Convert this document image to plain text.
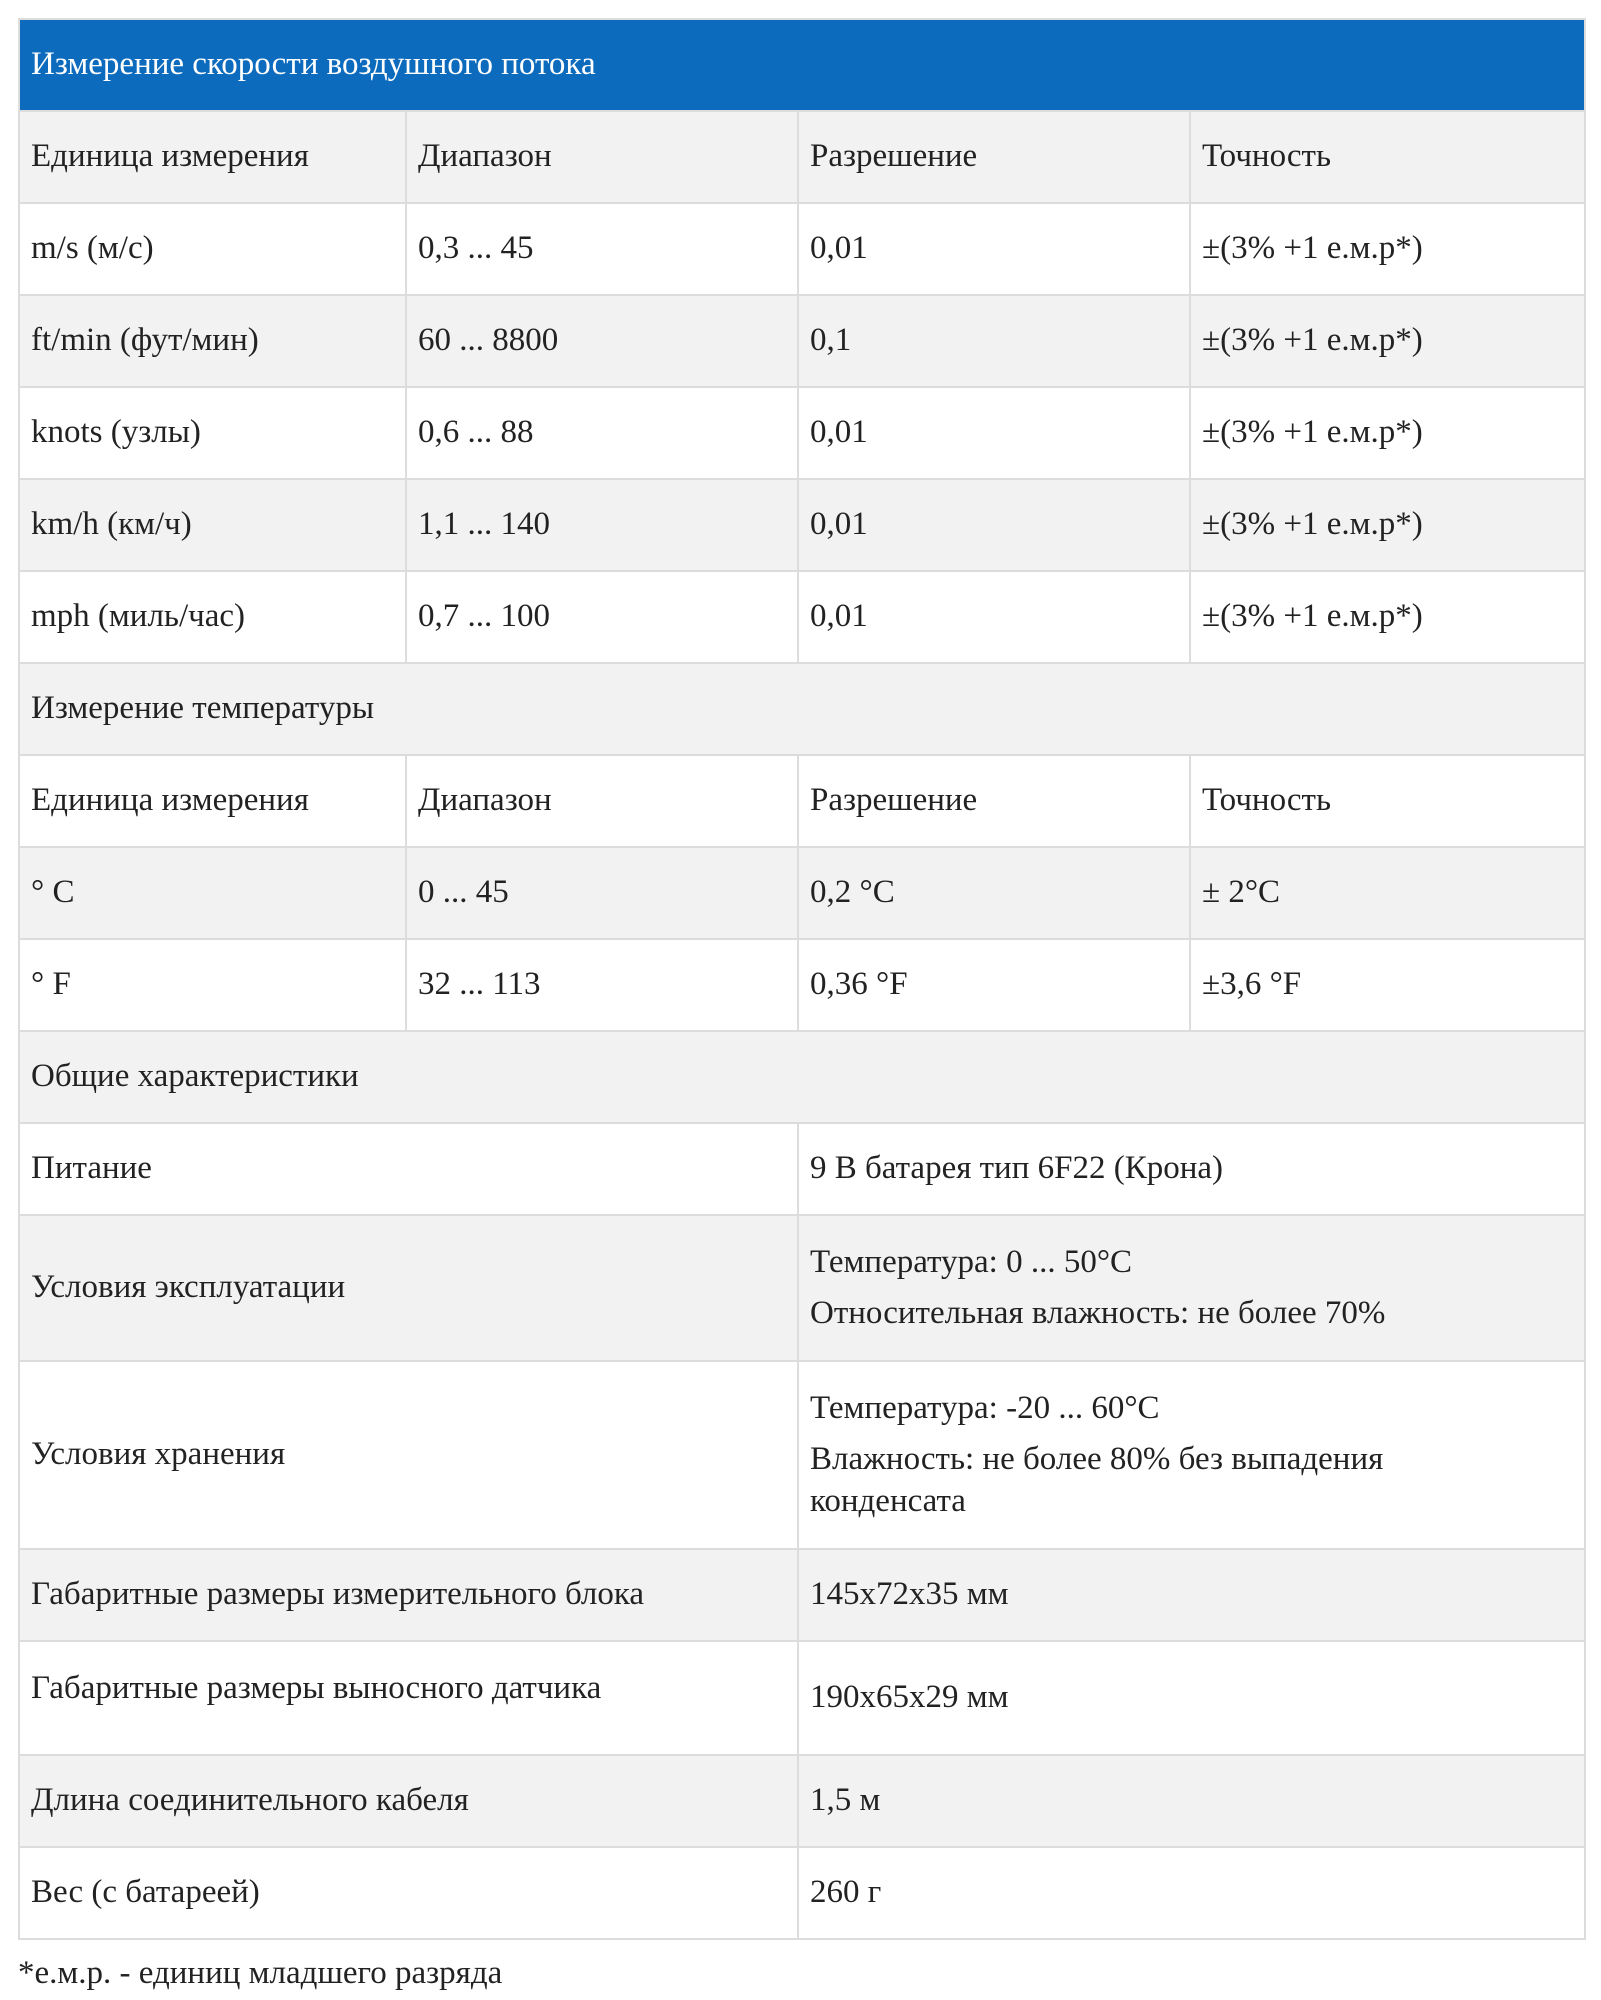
Измерение скорости воздушного потока			
Единица измерения	Диапазон	Разрешение	Точность
m/s (м/с)	0,3 ... 45	0,01	±(3% +1 е.м.р*)
ft/min (фут/мин)	60 ... 8800	0,1	±(3% +1 е.м.р*)
knots (узлы)	0,6 ... 88	0,01	±(3% +1 е.м.р*)
km/h (км/ч)	1,1 ... 140	0,01	±(3% +1 е.м.р*)
mph (миль/час)	0,7 ... 100	0,01	±(3% +1 е.м.р*)
Измерение температуры			
Единица измерения	Диапазон	Разрешение	Точность
° C	0 ... 45	0,2 °C	± 2°C
° F	32 ... 113	0,36 °F	±3,6 °F
Общие характеристики			
Питание		9 В батарея тип 6F22 (Крона)	
Условия эксплуатации		Температура: 0 ... 50°C
Относительная влажность: не более 70%	

Условия хранения		Температура: -20 ... 60°C
Влажность: не более 80% без выпадения
конденсата	

Габаритные размеры измерительного блока		145x72x35 мм	
Габаритные размеры выносного датчика		190x65x29 мм	
Длина соединительного кабеля		1,5 м	
Вес (с батареей)		260 г	
*е.м.р. - единиц младшего разряда
